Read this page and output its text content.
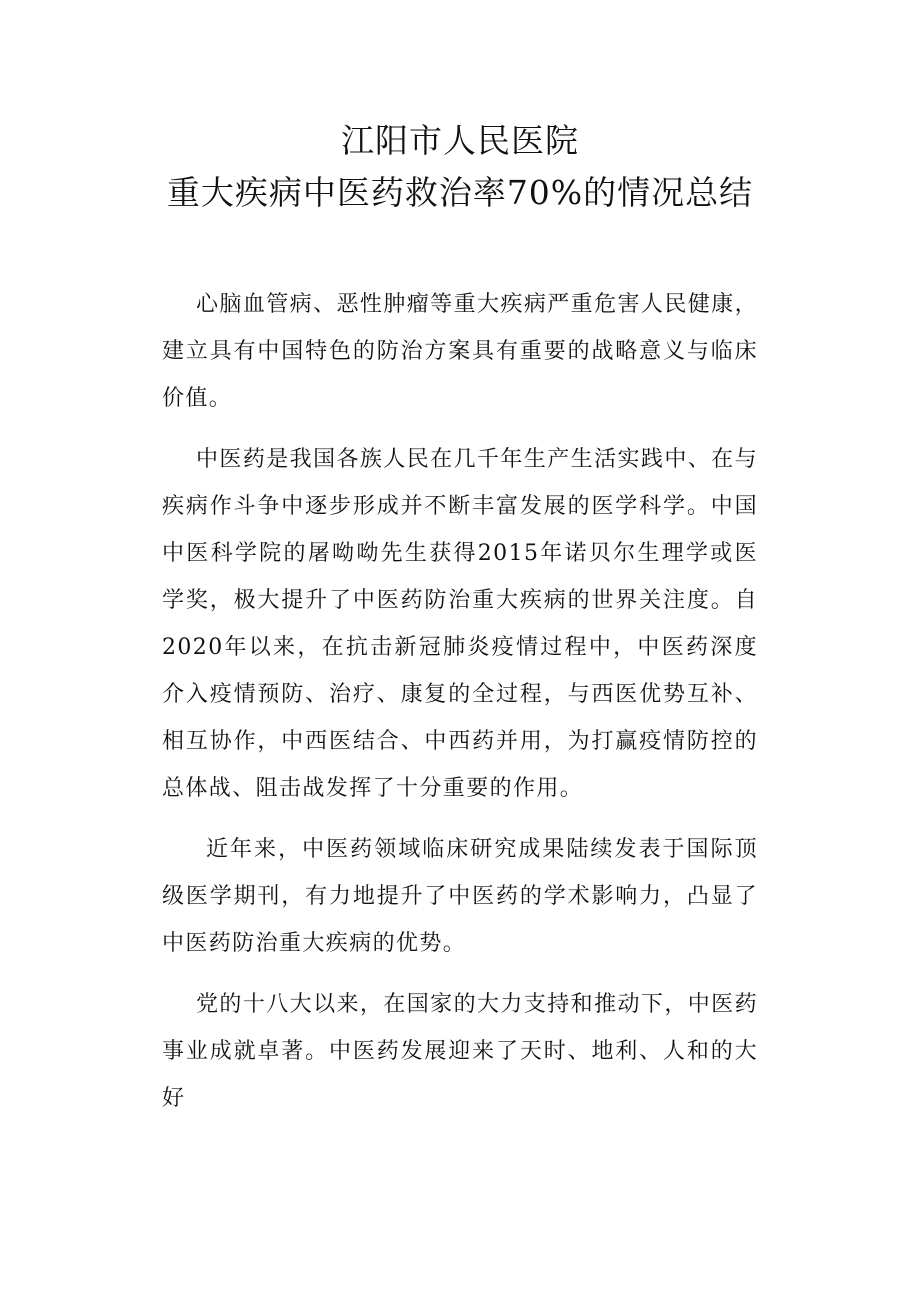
江阳市人民医院
重大疾病中医药救治率70%的情况总结

心脑血管病、恶性肿瘤等重大疾病严重危害人民健康，建立具有中国特色的防治方案具有重要的战略意义与临床价值。

中医药是我国各族人民在几千年生产生活实践中、在与疾病作斗争中逐步形成并不断丰富发展的医学科学。中国中医科学院的屠呦呦先生获得2015年诺贝尔生理学或医学奖，极大提升了中医药防治重大疾病的世界关注度。自2020年以来，在抗击新冠肺炎疫情过程中，中医药深度介入疫情预防、治疗、康复的全过程，与西医优势互补、相互协作，中西医结合、中西药并用，为打赢疫情防控的总体战、阻击战发挥了十分重要的作用。

近年来，中医药领域临床研究成果陆续发表于国际顶级医学期刊，有力地提升了中医药的学术影响力，凸显了中医药防治重大疾病的优势。

党的十八大以来，在国家的大力支持和推动下，中医药事业成就卓著。中医药发展迎来了天时、地利、人和的大好
